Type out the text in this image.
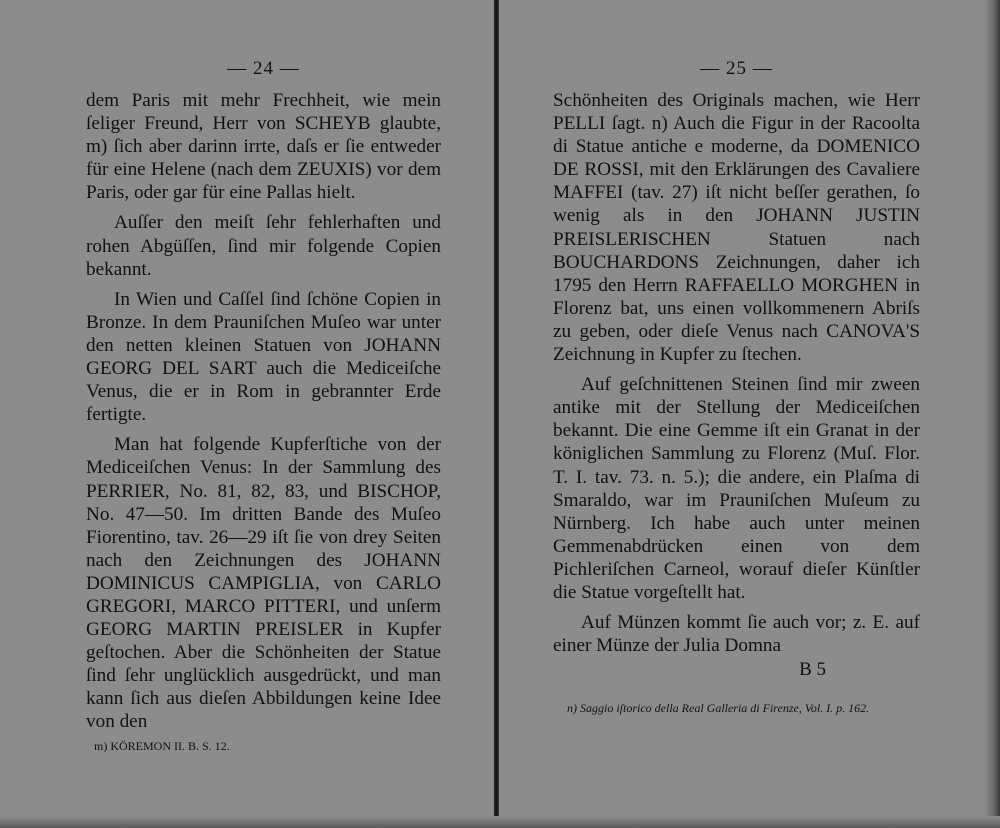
— 24 —

dem Paris mit mehr Frechheit, wie mein ſeliger Freund, Herr von SCHEYB glaubte, m) ſich aber darinn irrte, daſs er ſie entweder für eine Helene (nach dem ZEUXIS) vor dem Paris, oder gar für eine Pallas hielt.

Auſſer den meiſt ſehr fehlerhaften und rohen Abgüſſen, ſind mir folgende Copien bekannt.

In Wien und Caſſel ſind ſchöne Copien in Bronze. In dem Prauniſchen Muſeo war unter den netten kleinen Statuen von JOHANN GEORG DEL SART auch die Mediceiſche Venus, die er in Rom in gebrannter Erde fertigte.

Man hat folgende Kupferſtiche von der Mediceiſchen Venus: In der Sammlung des PERRIER, No. 81, 82, 83, und BISCHOP, No. 47—50. Im dritten Bande des Muſeo Fiorentino, tav. 26—29 iſt ſie von drey Seiten nach den Zeichnungen des JOHANN DOMINICUS CAMPIGLIA, von CARLO GREGORI, MARCO PITTERI, und unſerm GEORG MARTIN PREISLER in Kupfer geſtochen. Aber die Schönheiten der Statue ſind ſehr unglücklich ausgedrückt, und man kann ſich aus dieſen Abbildungen keine Idee von den

m) KÖREMON II. B. S. 12.
— 25 —

Schönheiten des Originals machen, wie Herr PELLI ſagt. n) Auch die Figur in der Racoolta di Statue antiche e moderne, da DOMENICO DE ROSSI, mit den Erklärungen des Cavaliere MAFFEI (tav. 27) iſt nicht beſſer gerathen, ſo wenig als in den JOHANN JUSTIN PREISLERISCHEN Statuen nach BOUCHARDONS Zeichnungen, daher ich 1795 den Herrn RAFFAELLO MORGHEN in Florenz bat, uns einen vollkommenern Abriſs zu geben, oder dieſe Venus nach CANOVA'S Zeichnung in Kupfer zu ſtechen.

Auf geſchnittenen Steinen ſind mir zween antike mit der Stellung der Mediceiſchen bekannt. Die eine Gemme iſt ein Granat in der königlichen Sammlung zu Florenz (Muſ. Flor. T. I. tav. 73. n. 5.); die andere, ein Plaſma di Smaraldo, war im Prauniſchen Muſeum zu Nürnberg. Ich habe auch unter meinen Gemmenabdrücken einen von dem Pichleriſchen Carneol, worauf dieſer Künſtler die Statue vorgeſtellt hat.

Auf Münzen kommt ſie auch vor; z. E. auf einer Münze der Julia Domna

B 5
n) Saggio iſtorico della Real Galleria di Firenze, Vol. I. p. 162.
